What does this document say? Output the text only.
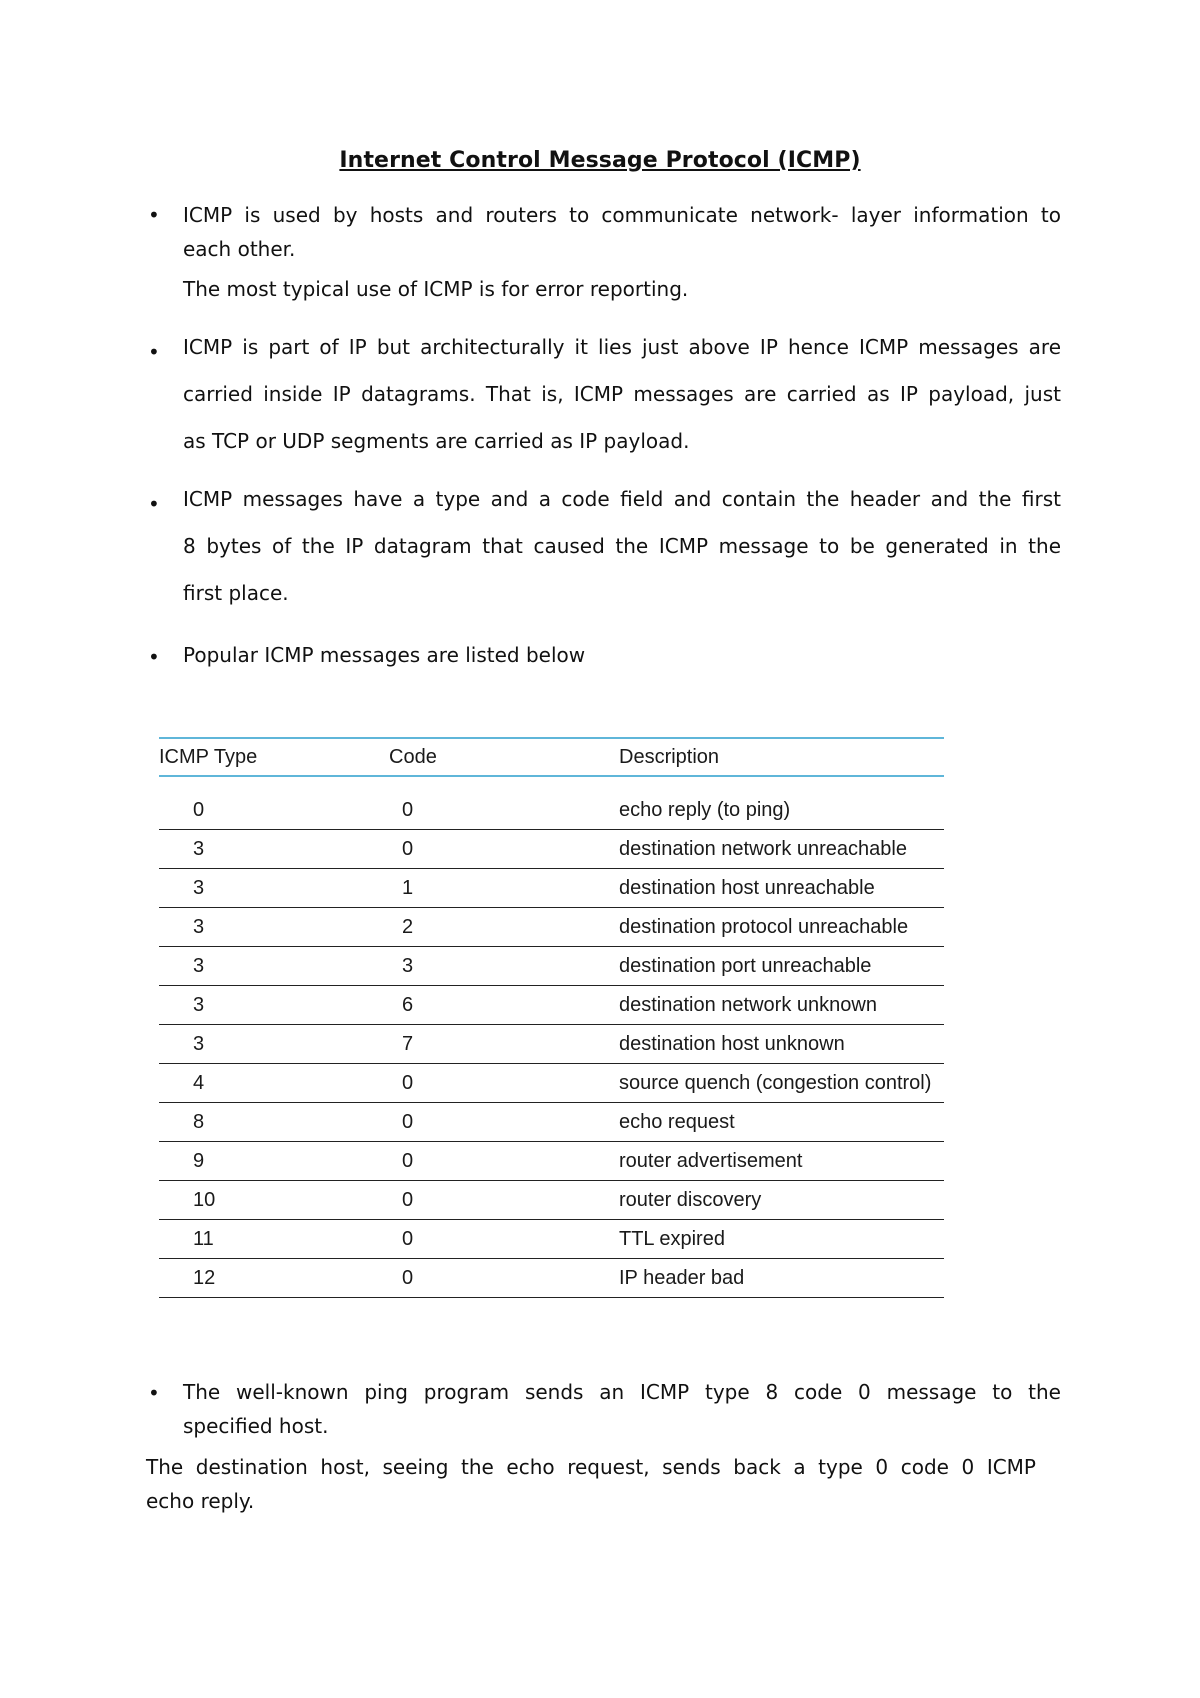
Internet Control Message Protocol (ICMP)
• ICMP is used by hosts and routers to communicate network- layer information to
each other.
The most typical use of ICMP is for error reporting.
• ICMP is part of IP but architecturally it lies just above IP hence ICMP messages are
carried inside IP datagrams. That is, ICMP messages are carried as IP payload, just
as TCP or UDP segments are carried as IP payload.
• ICMP messages have a type and a code field and contain the header and the first
8 bytes of the IP datagram that caused the ICMP message to be generated in the
first place.
• Popular ICMP messages are listed below
ICMP Type	Code	Description

0	0	echo reply (to ping)
3	0	destination network unreachable
3	1	destination host unreachable
3	2	destination protocol unreachable
3	3	destination port unreachable
3	6	destination network unknown
3	7	destination host unknown
4	0	source quench (congestion control)
8	0	echo request
9	0	router advertisement
10	0	router discovery
11	0	TTL expired
12	0	IP header bad
• The well-known ping program sends an ICMP type 8 code 0 message to the
specified host.
The destination host, seeing the echo request, sends back a type 0 code 0 ICMP
echo reply.
